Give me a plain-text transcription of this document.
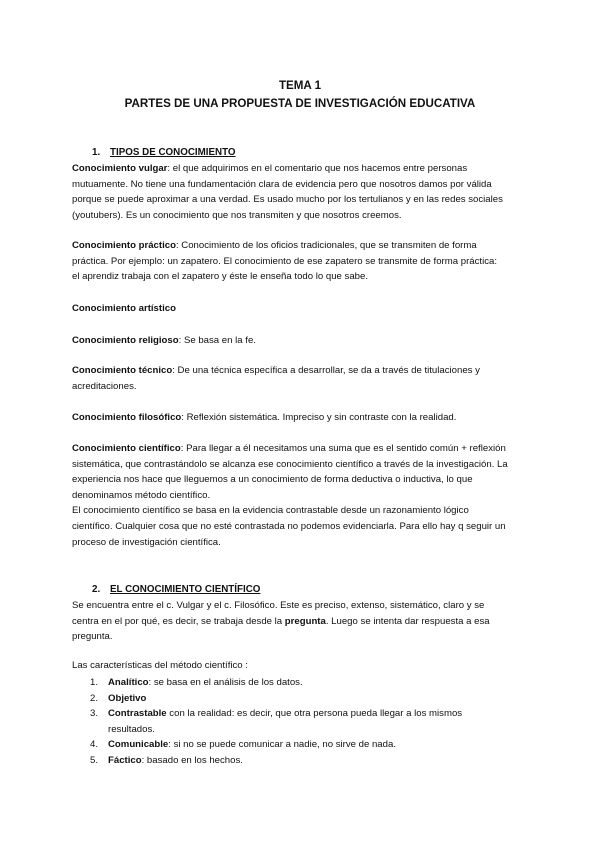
TEMA 1
PARTES DE UNA PROPUESTA DE INVESTIGACIÓN EDUCATIVA
1. TIPOS DE CONOCIMIENTO
Conocimiento vulgar: el que adquirimos en el comentario que nos hacemos entre personas
mutuamente. No tiene una fundamentación clara de evidencia pero que nosotros damos por válida
porque se puede aproximar a una verdad. Es usado mucho por los tertulianos y en las redes sociales
(youtubers). Es un conocimiento que nos transmiten y que nosotros creemos.
Conocimiento práctico: Conocimiento de los oficios tradicionales, que se transmiten de forma
práctica. Por ejemplo: un zapatero. El conocimiento de ese zapatero se transmite de forma práctica:
el aprendiz trabaja con el zapatero y éste le enseña todo lo que sabe.
Conocimiento artístico
Conocimiento religioso: Se basa en la fe.
Conocimiento técnico: De una técnica específica a desarrollar, se da a través de titulaciones y
acreditaciones.
Conocimiento filosófico: Reflexión sistemática. Impreciso y sin contraste con la realidad.
Conocimiento científico: Para llegar a él necesitamos una suma que es el sentido común + reflexión
sistemática, que contrastándolo se alcanza ese conocimiento científico a través de la investigación. La
experiencia nos hace que lleguemos a un conocimiento de forma deductiva o inductiva, lo que
denominamos método científico.
El conocimiento científico se basa en la evidencia contrastable desde un razonamiento lógico
científico. Cualquier cosa que no esté contrastada no podemos evidenciarla. Para ello hay q seguir un
proceso de investigación científica.
2. EL CONOCIMIENTO CIENTÍFICO
Se encuentra entre el c. Vulgar y el c. Filosófico. Este es preciso, extenso, sistemático, claro y se
centra en el por qué, es decir, se trabaja desde la pregunta. Luego se intenta dar respuesta a esa
pregunta.
Las características del método científico :
1. Analítico: se basa en el análisis de los datos.
2. Objetivo
3. Contrastable con la realidad: es decir, que otra persona pueda llegar a los mismos
resultados.
4. Comunicable: si no se puede comunicar a nadie, no sirve de nada.
5. Fáctico: basado en los hechos.
